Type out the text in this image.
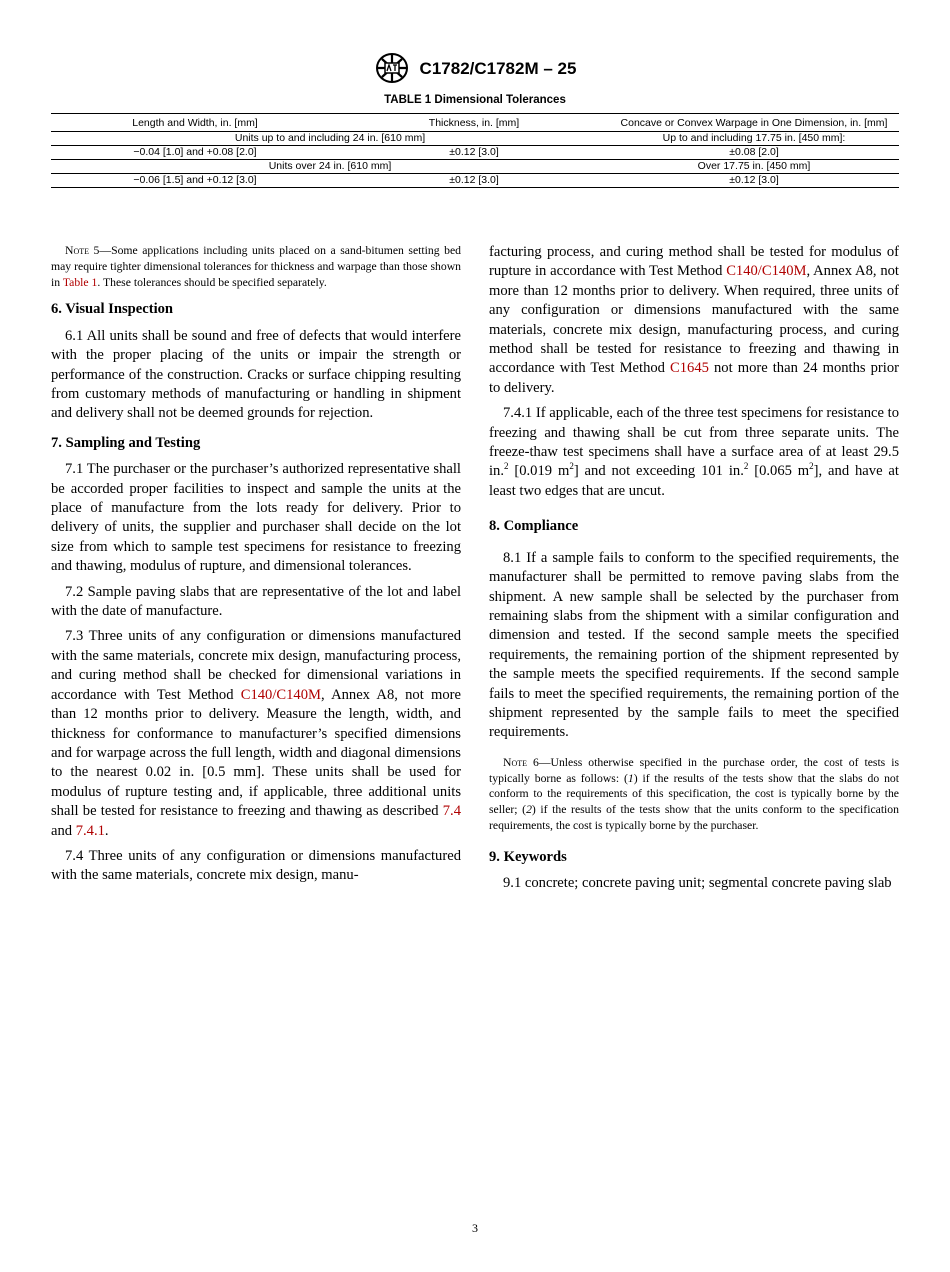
C1782/C1782M – 25
TABLE 1 Dimensional Tolerances
Length and Width, in. [mm]	Thickness, in. [mm]	Concave or Convex Warpage in One Dimension, in. [mm]
Units up to and including 24 in. [610 mm]		Up to and including 17.75 in. [450 mm]:
−0.04 [1.0] and +0.08 [2.0]	±0.12 [3.0]	±0.08 [2.0]
Units over 24 in. [610 mm]		Over 17.75 in. [450 mm]
−0.06 [1.5] and +0.12 [3.0]	±0.12 [3.0]	±0.12 [3.0]
Note 5—Some applications including units placed on a sand-bitumen setting bed may require tighter dimensional tolerances for thickness and warpage than those shown in Table 1. These tolerances should be specified separately.
6. Visual Inspection

6.1 All units shall be sound and free of defects that would interfere with the proper placing of the units or impair the strength or performance of the construction. Cracks or surface chipping resulting from customary methods of manufacturing or handling in shipment and delivery shall not be deemed grounds for rejection.

7. Sampling and Testing

7.1 The purchaser or the purchaser’s authorized representative shall be accorded proper facilities to inspect and sample the units at the place of manufacture from the lots ready for delivery. Prior to delivery of units, the supplier and purchaser shall decide on the lot size from which to sample test specimens for resistance to freezing and thawing, modulus of rupture, and dimensional tolerances.

7.2 Sample paving slabs that are representative of the lot and label with the date of manufacture.

7.3 Three units of any configuration or dimensions manufactured with the same materials, concrete mix design, manufacturing process, and curing method shall be checked for dimensional variations in accordance with Test Method C140/C140M, Annex A8, not more than 12 months prior to delivery. Measure the length, width, and thickness for conformance to manufacturer’s specified dimensions and for warpage across the full length, width and diagonal dimensions to the nearest 0.02 in. [0.5 mm]. These units shall be used for modulus of rupture testing and, if applicable, three additional units shall be tested for resistance to freezing and thawing as described 7.4 and 7.4.1.

7.4 Three units of any configuration or dimensions manufactured with the same materials, concrete mix design, manu-

facturing process, and curing method shall be tested for modulus of rupture in accordance with Test Method C140/C140M, Annex A8, not more than 12 months prior to delivery. When required, three units of any configuration or dimensions manufactured with the same materials, concrete mix design, manufacturing process, and curing method shall be tested for resistance to freezing and thawing in accordance with Test Method C1645 not more than 24 months prior to delivery.

7.4.1 If applicable, each of the three test specimens for resistance to freezing and thawing shall be cut from three separate units. The freeze-thaw test specimens shall have a surface area of at least 29.5 in.$^2$ [0.019 $m^2$] and not exceeding 101 in.$^2$ [0.065 $m^2$], and have at least two edges that are uncut.

8. Compliance

8.1 If a sample fails to conform to the specified requirements, the manufacturer shall be permitted to remove paving slabs from the shipment. A new sample shall be selected by the purchaser from remaining slabs from the shipment with a similar configuration and dimension and tested. If the second sample meets the specified requirements, the remaining portion of the shipment represented by the sample meets the specified requirements. If the second sample fails to meet the specified requirements, the remaining portion of the shipment represented by the sample fails to meet the specified requirements.

Note 6—Unless otherwise specified in the purchase order, the cost of tests is typically borne as follows: (1) if the results of the tests show that the slabs do not conform to the requirements of this specification, the cost is typically borne by the seller; (2) if the results of the tests show that the units conform to the specification requirements, the cost is typically borne by the purchaser.
9. Keywords

9.1 concrete; concrete paving unit; segmental concrete paving slab

3
